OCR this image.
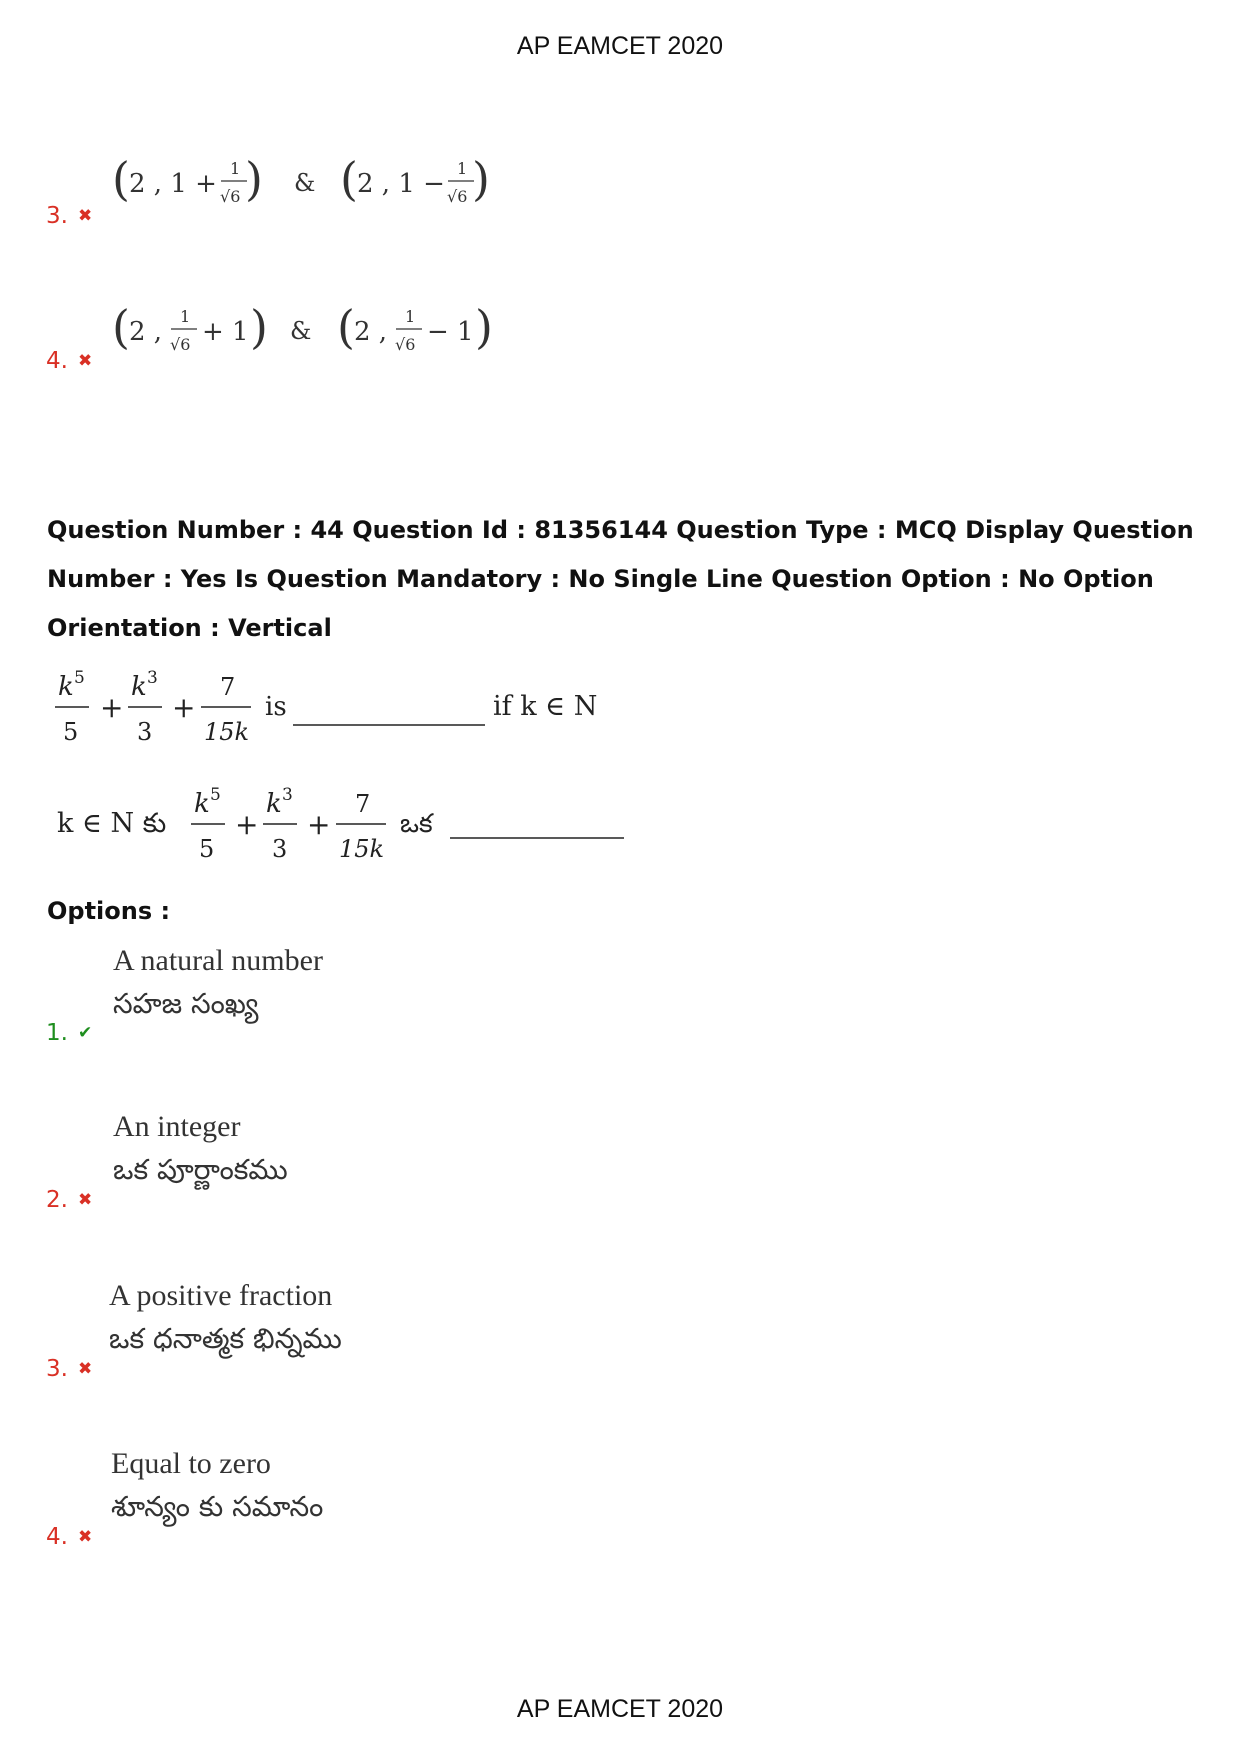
AP EAMCET 2020
3. ✖
( 2 , 1 +
1
√6 ) & ( 2 , 1 −
1
√6 )
4. ✖
( 2 ,
1
√6 + 1 ) & ( 2 ,
1
√6 − 1 )
Question Number : 44 Question Id : 81356144 Question Type : MCQ Display Question Number : Yes Is Question Mandatory : No Single Line Question Option : No Option Orientation : Vertical
k 5
5
+
k 3
3
+
7
15k
is	if k ∈ N
k ∈ N కు
k 5
5
+
k 3
3
+
7
15k
ఒక
Options :
A natural number
సహజ సంఖ్య
1. ✔
An integer
ఒక పూర్ణాంకము
2. ✖
A positive fraction
ఒక ధనాత్మక భిన్నము
3. ✖
Equal to zero
శూన్యం కు సమానం
4. ✖
AP EAMCET 2020
